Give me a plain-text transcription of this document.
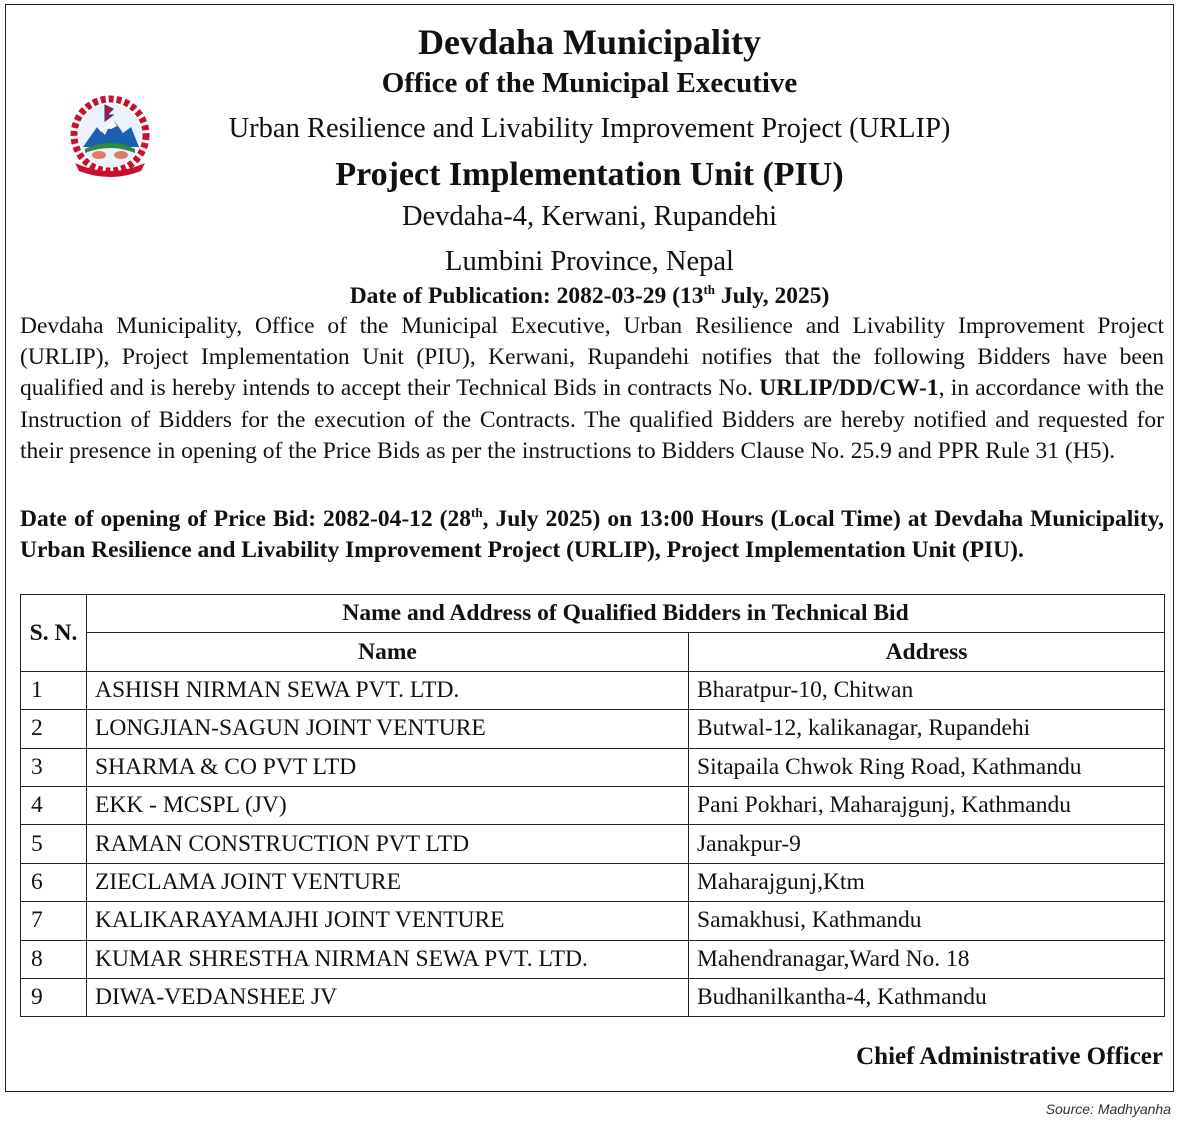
Devdaha Municipality
Office of the Municipal Executive
Urban Resilience and Livability Improvement Project (URLIP)
Project Implementation Unit (PIU)
Devdaha-4, Kerwani, Rupandehi
Lumbini Province, Nepal
Date of Publication: 2082-03-29 (13th July, 2025)
Devdaha Municipality, Office of the Municipal Executive, Urban Resilience and Livability Improvement Project (URLIP), Project Implementation Unit (PIU), Kerwani, Rupandehi notifies that the following Bidders have been qualified and is hereby intends to accept their Technical Bids in contracts No. URLIP/DD/CW-1, in accordance with the Instruction of Bidders for the execution of the Contracts. The qualified Bidders are hereby notified and requested for their presence in opening of the Price Bids as per the instructions to Bidders Clause No. 25.9 and PPR Rule 31 (H5).
Date of opening of Price Bid: 2082-04-12 (28th, July 2025) on 13:00 Hours (Local Time) at Devdaha Municipality, Urban Resilience and Livability Improvement Project (URLIP), Project Implementation Unit (PIU).
S. N.	Name and Address of Qualified Bidders in Technical Bid	
	Name	Address
1	ASHISH NIRMAN SEWA PVT. LTD.	Bharatpur-10, Chitwan
2	LONGJIAN-SAGUN JOINT VENTURE	Butwal-12, kalikanagar, Rupandehi
3	SHARMA & CO PVT LTD	Sitapaila Chwok Ring Road, Kathmandu
4	EKK - MCSPL (JV)	Pani Pokhari, Maharajgunj, Kathmandu
5	RAMAN CONSTRUCTION PVT LTD	Janakpur-9
6	ZIECLAMA JOINT VENTURE	Maharajgunj,Ktm
7	KALIKARAYAMAJHI JOINT VENTURE	Samakhusi, Kathmandu
8	KUMAR SHRESTHA NIRMAN SEWA PVT. LTD.	Mahendranagar,Ward No. 18
9	DIWA-VEDANSHEE JV	Budhanilkantha-4, Kathmandu
Chief Administrative Officer
Source: Madhyanha
